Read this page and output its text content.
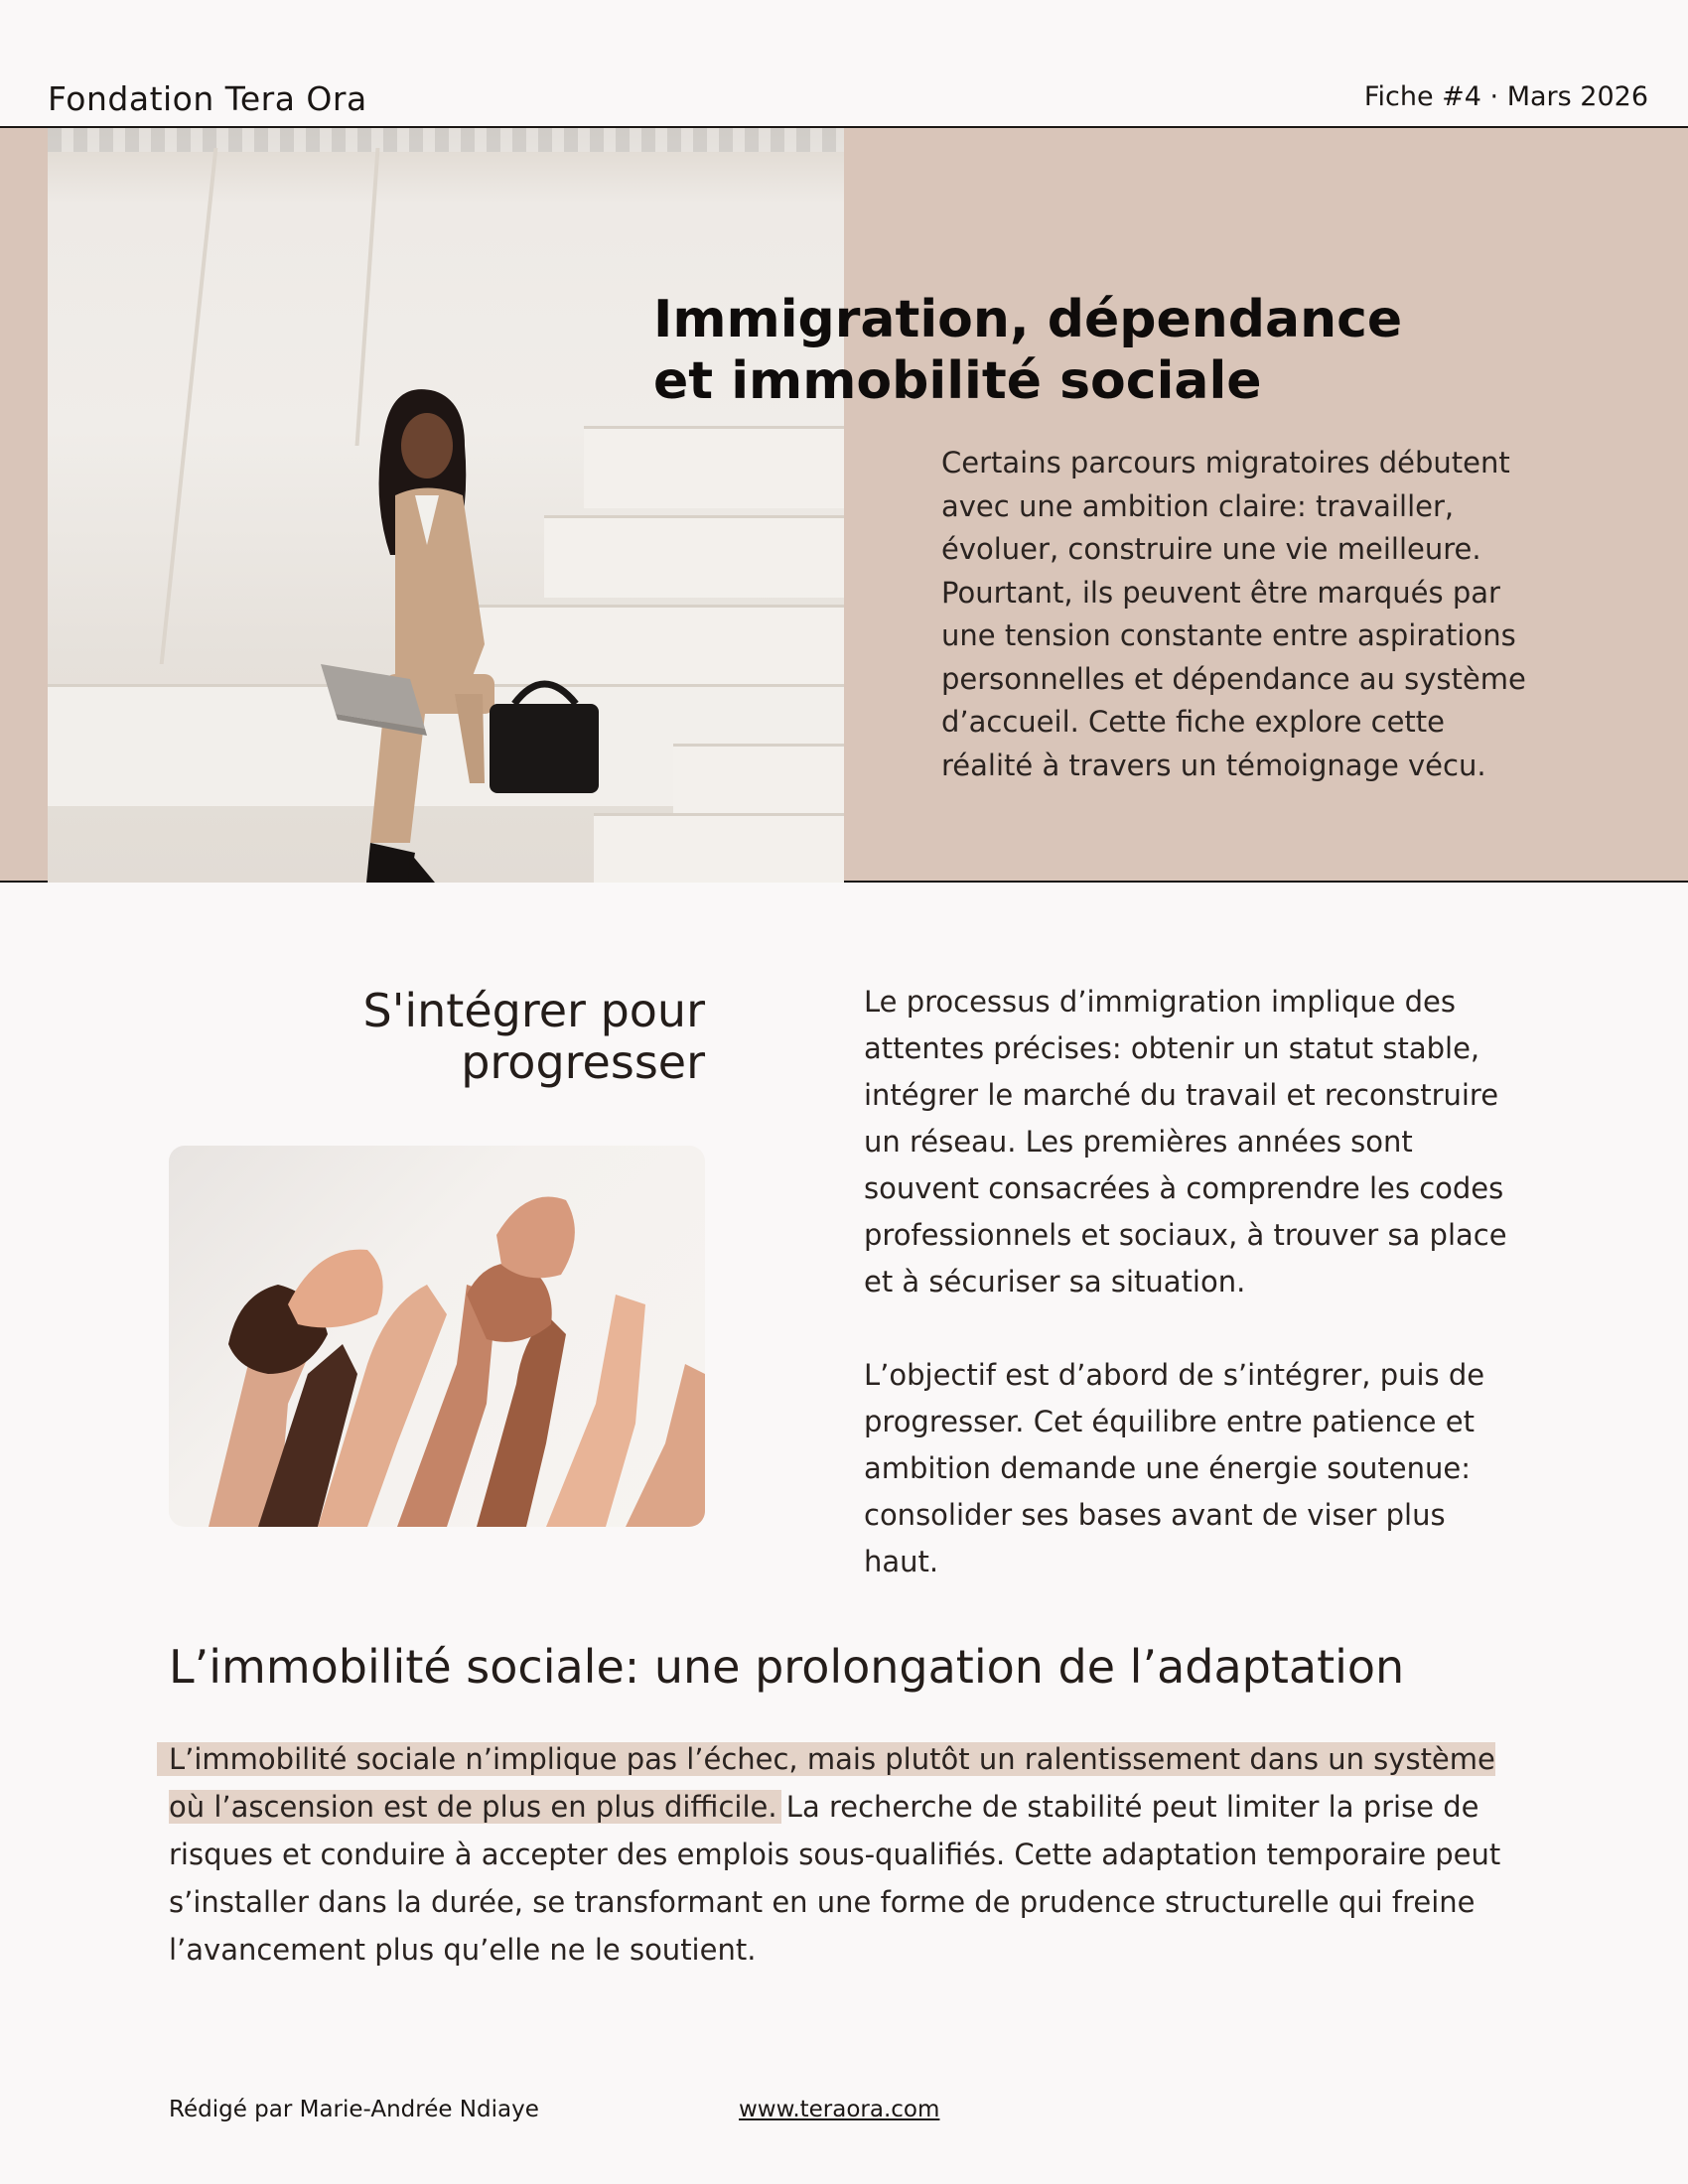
Fondation Tera Ora	Fiche #4 · Mars 2026
Immigration, dépendance
et immobilité sociale

Certains parcours migratoires débutent avec une ambition claire: travailler, évoluer, construire une vie meilleure. Pourtant, ils peuvent être marqués par une tension constante entre aspirations personnelles et dépendance au système d’accueil. Cette fiche explore cette réalité à travers un témoignage vécu.

S'intégrer pour
progresser

Le processus d’immigration implique des attentes précises: obtenir un statut stable, intégrer le marché du travail et reconstruire un réseau. Les premières années sont souvent consacrées à comprendre les codes professionnels et sociaux, à trouver sa place et à sécuriser sa situation.

L’objectif est d’abord de s’intégrer, puis de progresser. Cet équilibre entre patience et ambition demande une énergie soutenue: consolider ses bases avant de viser plus haut.

L’immobilité sociale: une prolongation de l’adaptation

L’immobilité sociale n’implique pas l’échec, mais plutôt un ralentissement dans un système où l’ascension est de plus en plus difficile. La recherche de stabilité peut limiter la prise de risques et conduire à accepter des emplois sous-qualifiés. Cette adaptation temporaire peut s’installer dans la durée, se transformant en une forme de prudence structurelle qui freine l’avancement plus qu’elle ne le soutient.

Rédigé par Marie-Andrée Ndiaye	www.teraora.com
